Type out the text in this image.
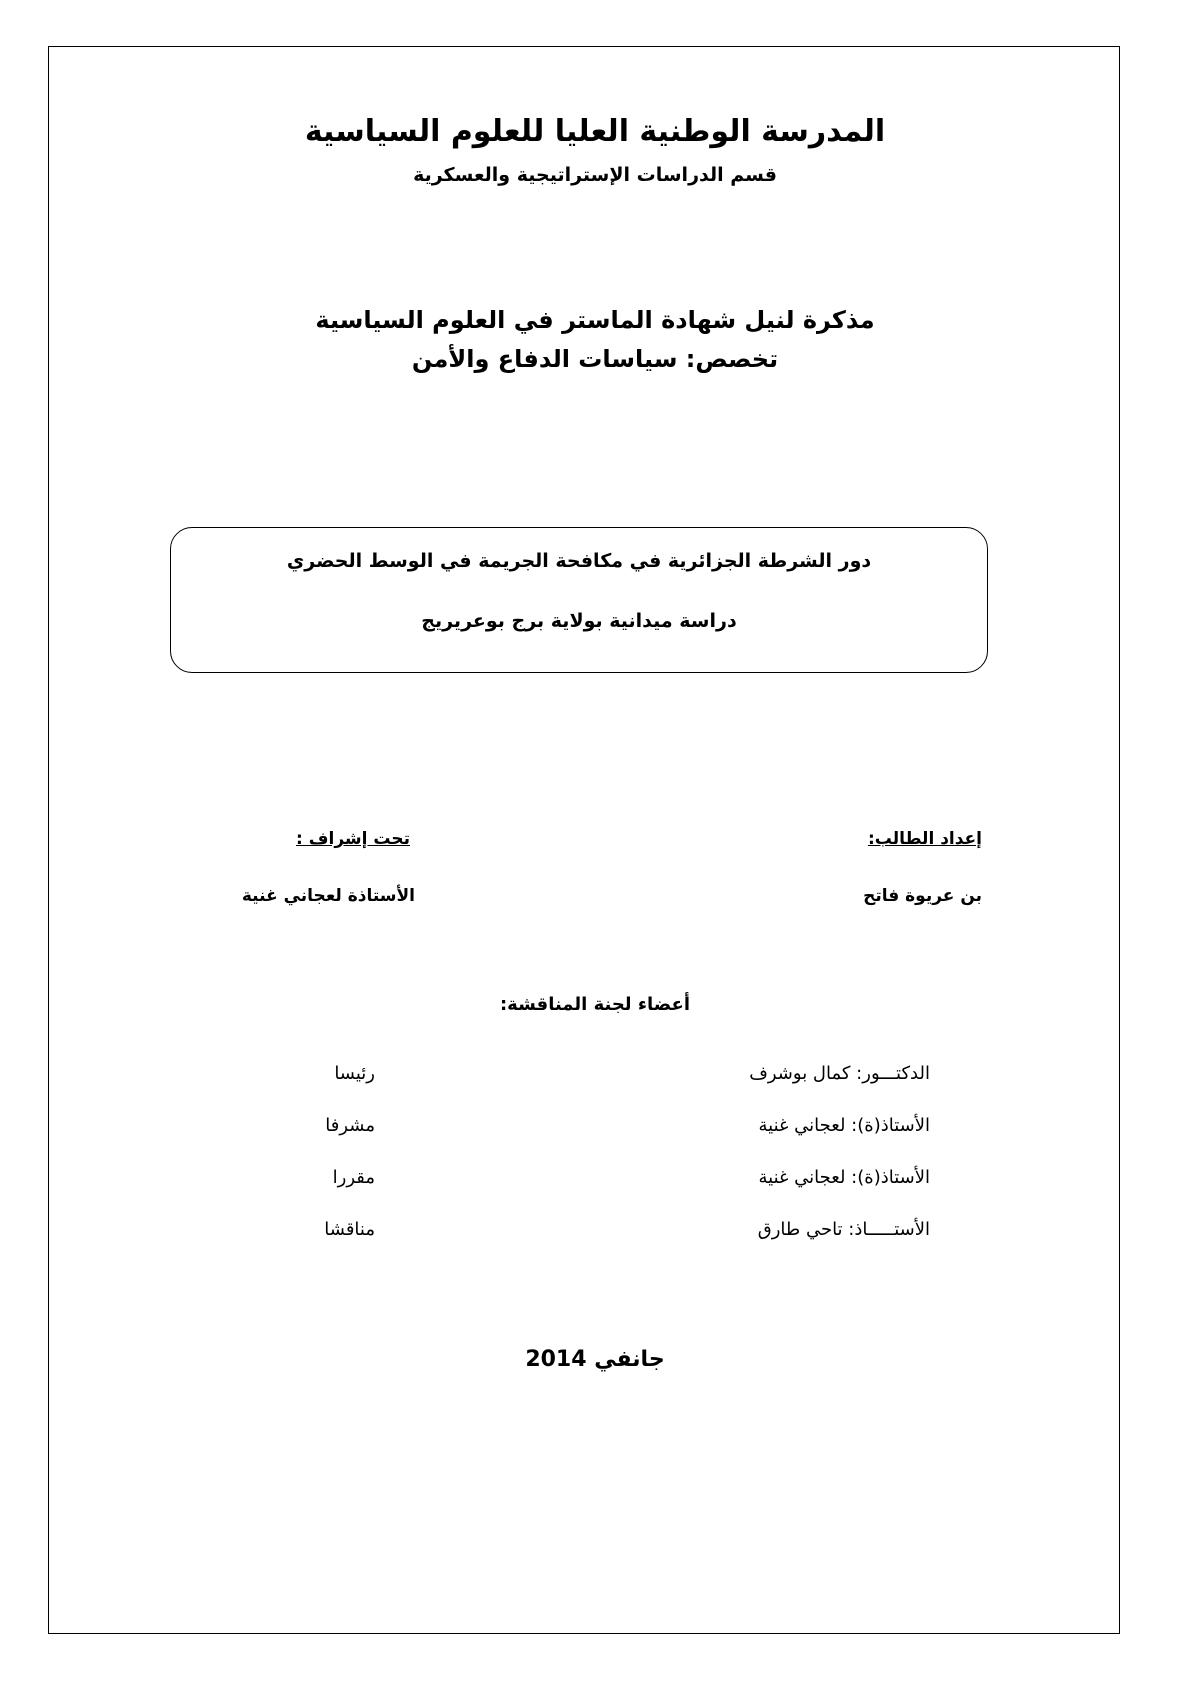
المدرسة الوطنية العليا للعلوم السياسية
قسم الدراسات الإستراتيجية والعسكرية
مذكرة لنيل شهادة الماستر في العلوم السياسية
تخصص: سياسات الدفاع والأمن
دور الشرطة الجزائرية في مكافحة الجريمة في الوسط الحضري
دراسة ميدانية بولاية برج بوعريريج
إعداد الطالب:
بن عريوة فاتح
تحت إشراف :
الأستاذة لعجاني غنية
أعضاء لجنة المناقشة:
الدكتـــور: كمال بوشرف
رئيسا
الأستاذ(ة): لعجاني غنية
مشرفا
الأستاذ(ة): لعجاني غنية
مقررا
الأستـــــاذ: تاحي طارق
مناقشا
جانفي 2014
